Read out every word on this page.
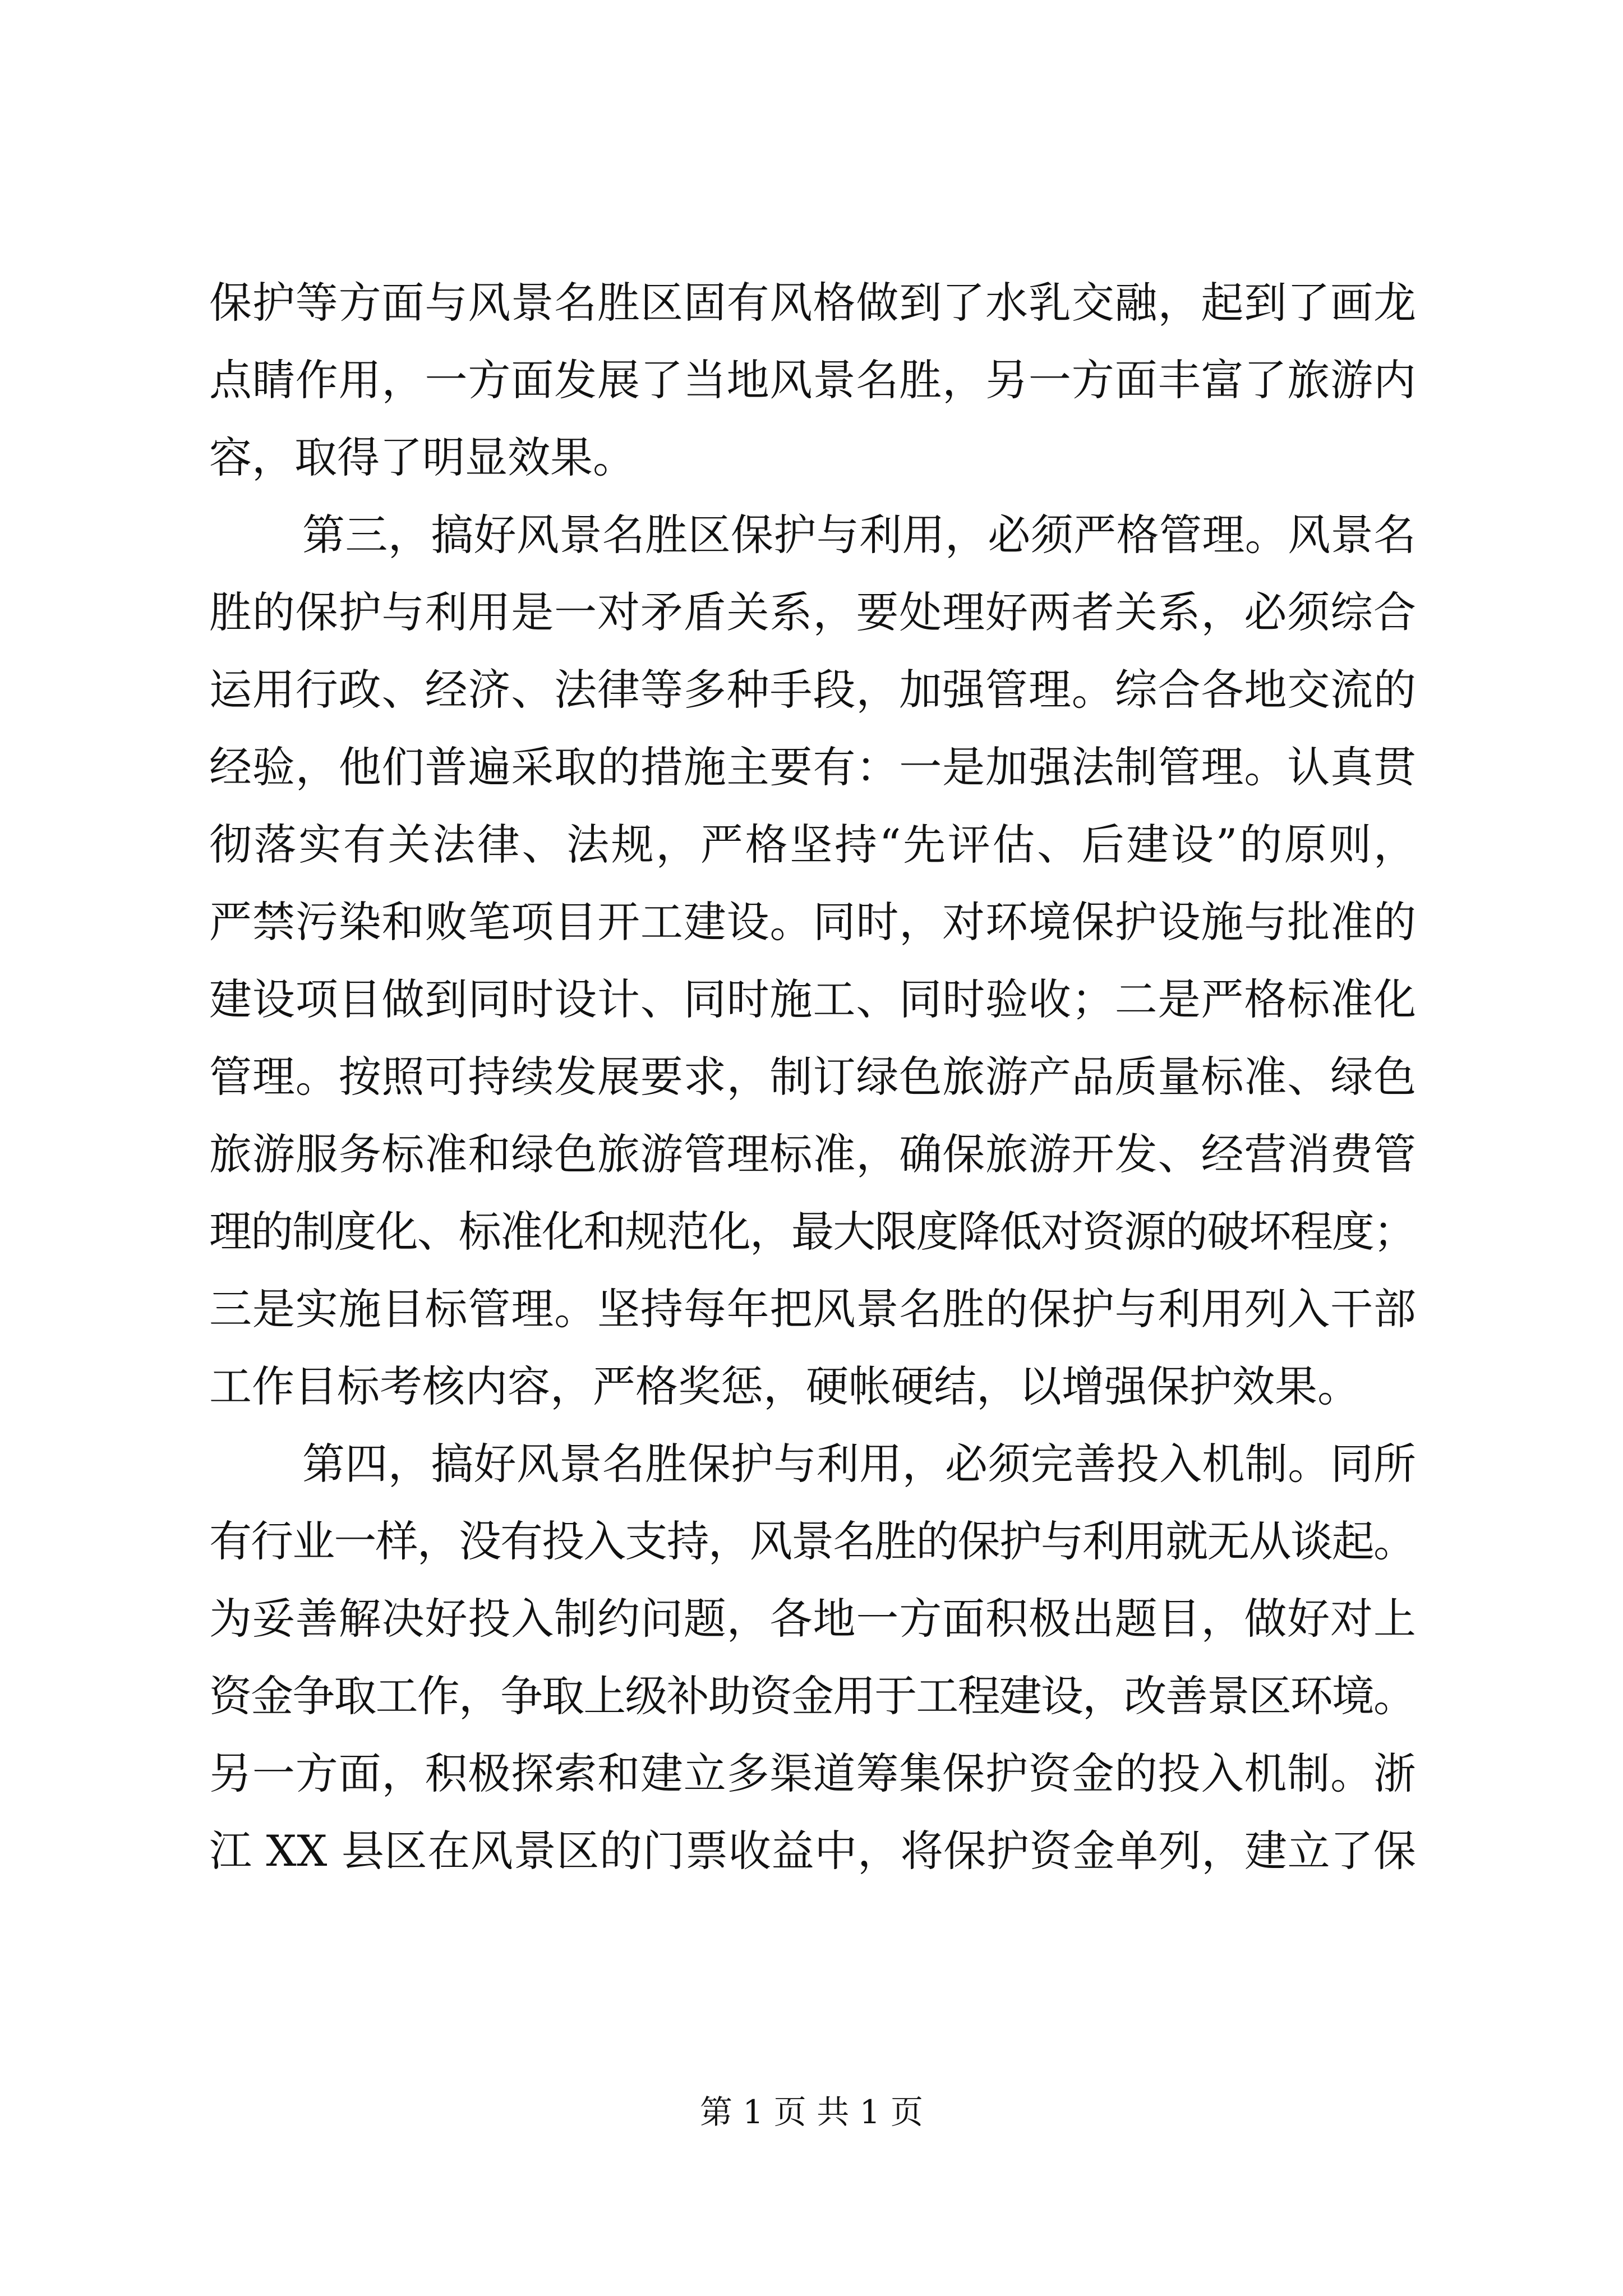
保护等方面与风景名胜区固有风格做到了水乳交融，起到了画龙
点睛作用，一方面发展了当地风景名胜，另一方面丰富了旅游内
容，取得了明显效果。
第三，搞好风景名胜区保护与利用，必须严格管理。风景名
胜的保护与利用是一对矛盾关系，要处理好两者关系，必须综合
运用行政、经济、法律等多种手段，加强管理。综合各地交流的
经验，他们普遍采取的措施主要有：一是加强法制管理。认真贯
彻落实有关法律、法规，严格坚持“先评估、后建设”的原则，
严禁污染和败笔项目开工建设。同时，对环境保护设施与批准的
建设项目做到同时设计、同时施工、同时验收；二是严格标准化
管理。按照可持续发展要求，制订绿色旅游产品质量标准、绿色
旅游服务标准和绿色旅游管理标准，确保旅游开发、经营消费管
理的制度化、标准化和规范化，最大限度降低对资源的破坏程度；
三是实施目标管理。坚持每年把风景名胜的保护与利用列入干部
工作目标考核内容，严格奖惩，硬帐硬结，以增强保护效果。
第四，搞好风景名胜保护与利用，必须完善投入机制。同所
有行业一样，没有投入支持，风景名胜的保护与利用就无从谈起。
为妥善解决好投入制约问题，各地一方面积极出题目，做好对上
资金争取工作，争取上级补助资金用于工程建设，改善景区环境。
另一方面，积极探索和建立多渠道筹集保护资金的投入机制。浙
江 XX 县区在风景区的门票收益中，将保护资金单列，建立了保
第 1 页 共 1 页
